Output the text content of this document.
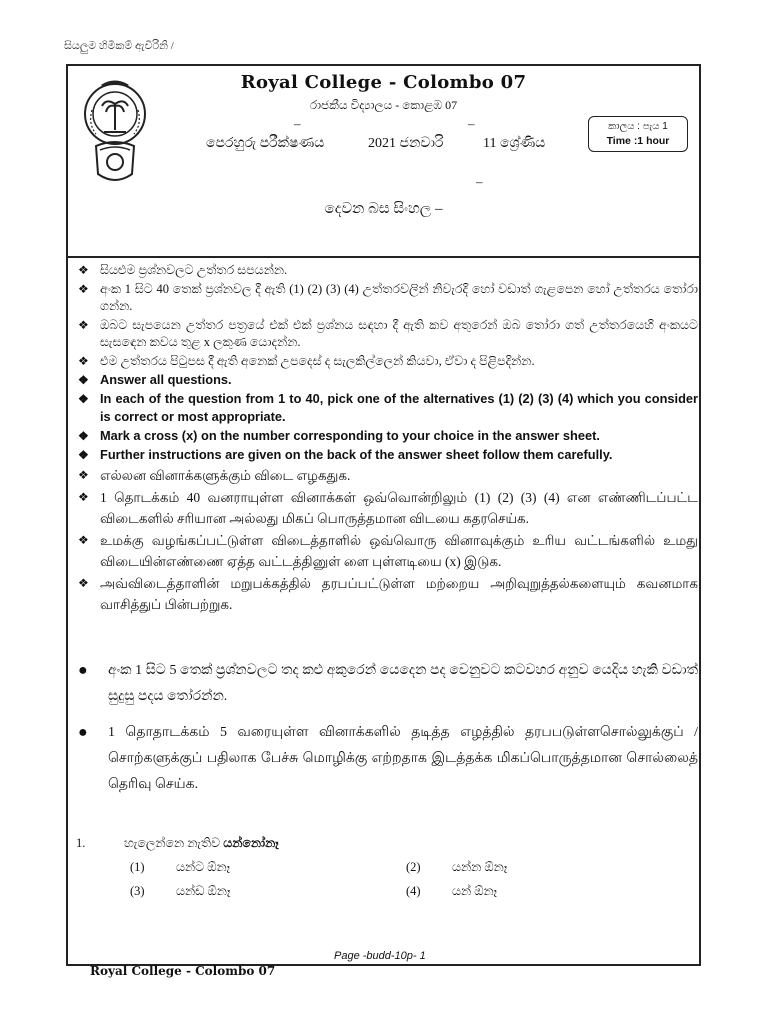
සියලුම හිමිකම් ඇවිරිනි /
Royal College - Colombo 07
රාජකීය විද්‍යාලය - කොළඹ 07
–	–
පෙරහුරු පරීක්ෂණය	2021 ජනවාරි	11 ශ්‍රේණිය
කාලය : පැය 1
Time :1 hour
–
දෙවන බස සිංහල –
❖ සියළුම ප්‍රශ්නවලට උත්තර සපයන්න.
❖ අංක 1 සිට 40 තෙක් ප්‍රශ්නවල දී ඇති (1) (2) (3) (4) උත්තරවලින් නිවැරදි හෝ වඩාත් ගැළපෙන හෝ උත්තරය තෝරා ගන්න.
❖ ඔබට සැපයෙන උත්තර පත්‍රයේ එක් එක් ප්‍රශ්නය සඳහා දී ඇති කව අතුරෙන් ඔබ තෝරා ගත් උත්තරයෙහි අංකයට සැසඳෙන කවය තුළ x ලකුණ යොදන්න.
❖ එම උත්තරය පිටුපස දී ඇති අනෙක් උපදෙස් ද සැලකිල්ලෙන් කියවා, ඒවා ද පිළිපදින්න.
❖ Answer all questions.
❖ In each of the question from 1 to 40, pick one of the alternatives (1) (2) (3) (4) which you consider is correct or most appropriate.
❖ Mark a cross (x) on the number corresponding to your choice in the answer sheet.
❖ Further instructions are given on the back of the answer sheet follow them carefully.
❖ எல்லன வினாக்களுக்கும் விடை எழகதுக.
❖ 1 தொடக்கம் 40 வனராயுள்ள வினாக்கள் ஒவ்வொன்றிலும் (1) (2) (3) (4) என எண்ணிடப்பட்ட விடைகளில் சரியான அல்லது மிகப் பொருத்தமான விடயை கதரசெய்க.
❖ உமக்கு வழங்கப்பட்டுள்ள விடைத்தாளில் ஒவ்வொரு வினாவுக்கும் உரிய வட்டங்களில் உமது விடையின்எண்ணை ஏத்த வட்டத்தினுள் ளை புள்ளடியை (x) இடுக.
❖ அவ்விடைத்தாளின் மறுபக்கத்தில் தரபப்பட்டுள்ள மற்றைய அறிவுறுத்தல்களையும் கவனமாக வாசித்துப் பின்பற்றுக.
● අංක 1 සිට 5 තෙක් ප්‍රශ්නවලට තද කළු අකුරෙන් යෙදෙන පද වෙනුවට කටවහර අනුව යෙදිය හැකි වඩාත් සුදුසු පදය තෝරන්න.
● 1 தொதாடக்கம் 5 வரையுள்ள வினாக்களில் தடித்த எழத்தில் தரபபடுள்ளசொல்லுக்குப் /சொற்களுக்குப் பதிலாக பேச்சு மொழிக்கு எற்றதாக இடத்தக்க மிகப்பொருத்தமான சொல்லைத் தெரிவு செய்க.
1.	හැලෙන්නෙ නැතිව යන්නෝනෑ
(1)	යන්ට ඕනෑ	(2)	යන්න ඕනෑ
(3)	යන්ඩ ඕනෑ	(4)	යන් ඕනෑ
Page -budd-10p- 1
Royal College - Colombo 07
